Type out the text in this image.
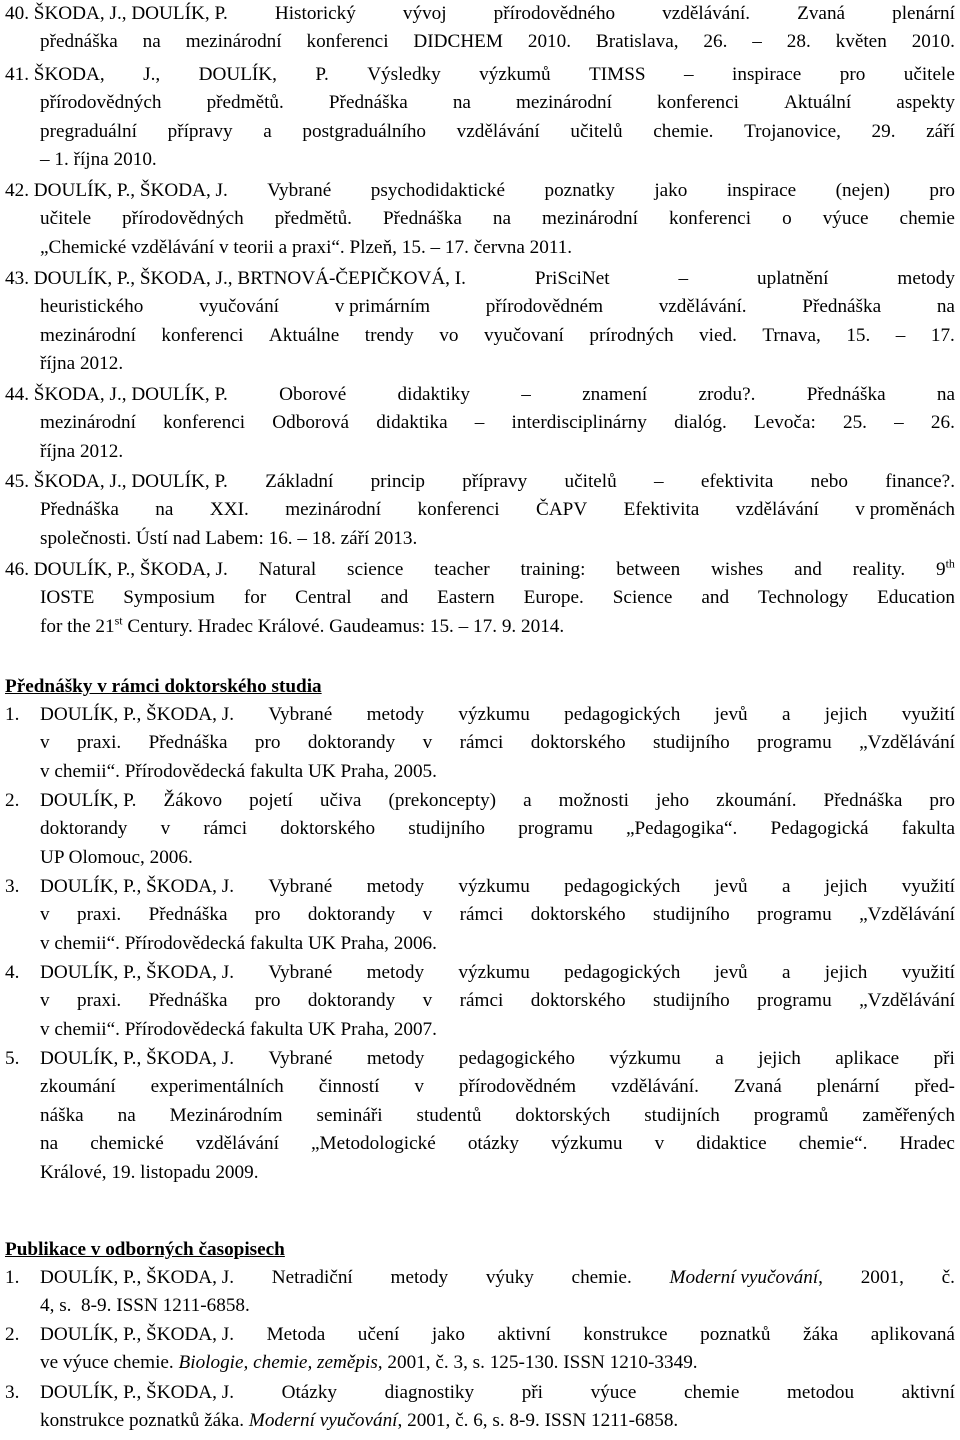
40. ŠKODA, J., DOULÍK, P. Historický vývoj přírodovědného vzdělávání. Zvaná plenární
přednáška na mezinárodní konferenci DIDCHEM 2010. Bratislava, 26. – 28. květen 2010.
41. ŠKODA, J., DOULÍK, P. Výsledky výzkumů TIMSS – inspirace pro učitele
přírodovědných předmětů. Přednáška na mezinárodní konferenci Aktuální aspekty
pregraduální přípravy a postgraduálního vzdělávání učitelů chemie. Trojanovice, 29. září
– 1. října 2010.
42. DOULÍK, P., ŠKODA, J. Vybrané psychodidaktické poznatky jako inspirace (nejen) pro
učitele přírodovědných předmětů. Přednáška na mezinárodní konferenci o výuce chemie
„Chemické vzdělávání v teorii a praxi“. Plzeň, 15. – 17. června 2011.
43. DOULÍK, P., ŠKODA, J., BRTNOVÁ-ČEPIČKOVÁ, I.	PriSciNet	–	uplatnění	metody
heuristického	vyučování	v primárním	přírodovědném	vzdělávání.	Přednáška	na
mezinárodní konferenci Aktuálne trendy vo vyučovaní prírodných vied. Trnava, 15. – 17.
října 2012.
44. ŠKODA, J., DOULÍK, P.	Oborové	didaktiky	–	znamení	zrodu?.	Přednáška	na
mezinárodní konferenci Odborová didaktika – interdisciplinárny dialóg. Levoča: 25. – 26.
října 2012.
45. ŠKODA, J., DOULÍK, P. Základní princip přípravy učitelů – efektivita nebo finance?.
Přednáška na XXI. mezinárodní konferenci ČAPV Efektivita vzdělávání v proměnách
společnosti. Ústí nad Labem: 16. – 18. září 2013.
46. DOULÍK, P., ŠKODA, J. Natural science teacher training: between wishes and reality. 9th
IOSTE Symposium for Central and Eastern Europe. Science and Technology Education
for the 21st Century. Hradec Králové. Gaudeamus: 15. – 17. 9. 2014.
Přednášky v rámci doktorského studia
1. DOULÍK, P., ŠKODA, J. Vybrané metody výzkumu pedagogických jevů a jejich využití
v praxi. Přednáška pro doktorandy v rámci doktorského studijního programu „Vzdělávání
v chemii“. Přírodovědecká fakulta UK Praha, 2005.
2. DOULÍK, P. Žákovo pojetí učiva (prekoncepty) a možnosti jeho zkoumání. Přednáška pro
doktorandy v rámci doktorského studijního programu „Pedagogika“. Pedagogická fakulta
UP Olomouc, 2006.
3. DOULÍK, P., ŠKODA, J. Vybrané metody výzkumu pedagogických jevů a jejich využití
v praxi. Přednáška pro doktorandy v rámci doktorského studijního programu „Vzdělávání
v chemii“. Přírodovědecká fakulta UK Praha, 2006.
4. DOULÍK, P., ŠKODA, J. Vybrané metody výzkumu pedagogických jevů a jejich využití
v praxi. Přednáška pro doktorandy v rámci doktorského studijního programu „Vzdělávání
v chemii“. Přírodovědecká fakulta UK Praha, 2007.
5. DOULÍK, P., ŠKODA, J. Vybrané metody pedagogického výzkumu a jejich aplikace při
zkoumání experimentálních činností v přírodovědném vzdělávání. Zvaná plenární před-
náška na Mezinárodním semináři studentů doktorských studijních programů zaměřených
na chemické vzdělávání „Metodologické otázky výzkumu v didaktice chemie“. Hradec
Králové, 19. listopadu 2009.
Publikace v odborných časopisech
1. DOULÍK, P., ŠKODA, J. Netradiční metody výuky chemie. Moderní vyučování, 2001, č.
4, s.  8-9. ISSN 1211-6858.
2. DOULÍK, P., ŠKODA, J. Metoda učení jako aktivní konstrukce poznatků žáka aplikovaná
ve výuce chemie. Biologie, chemie, zeměpis, 2001, č. 3, s. 125-130. ISSN 1210-3349.
3. DOULÍK, P., ŠKODA, J. Otázky diagnostiky při výuce chemie metodou aktivní
konstrukce poznatků žáka. Moderní vyučování, 2001, č. 6, s. 8-9. ISSN 1211-6858.
